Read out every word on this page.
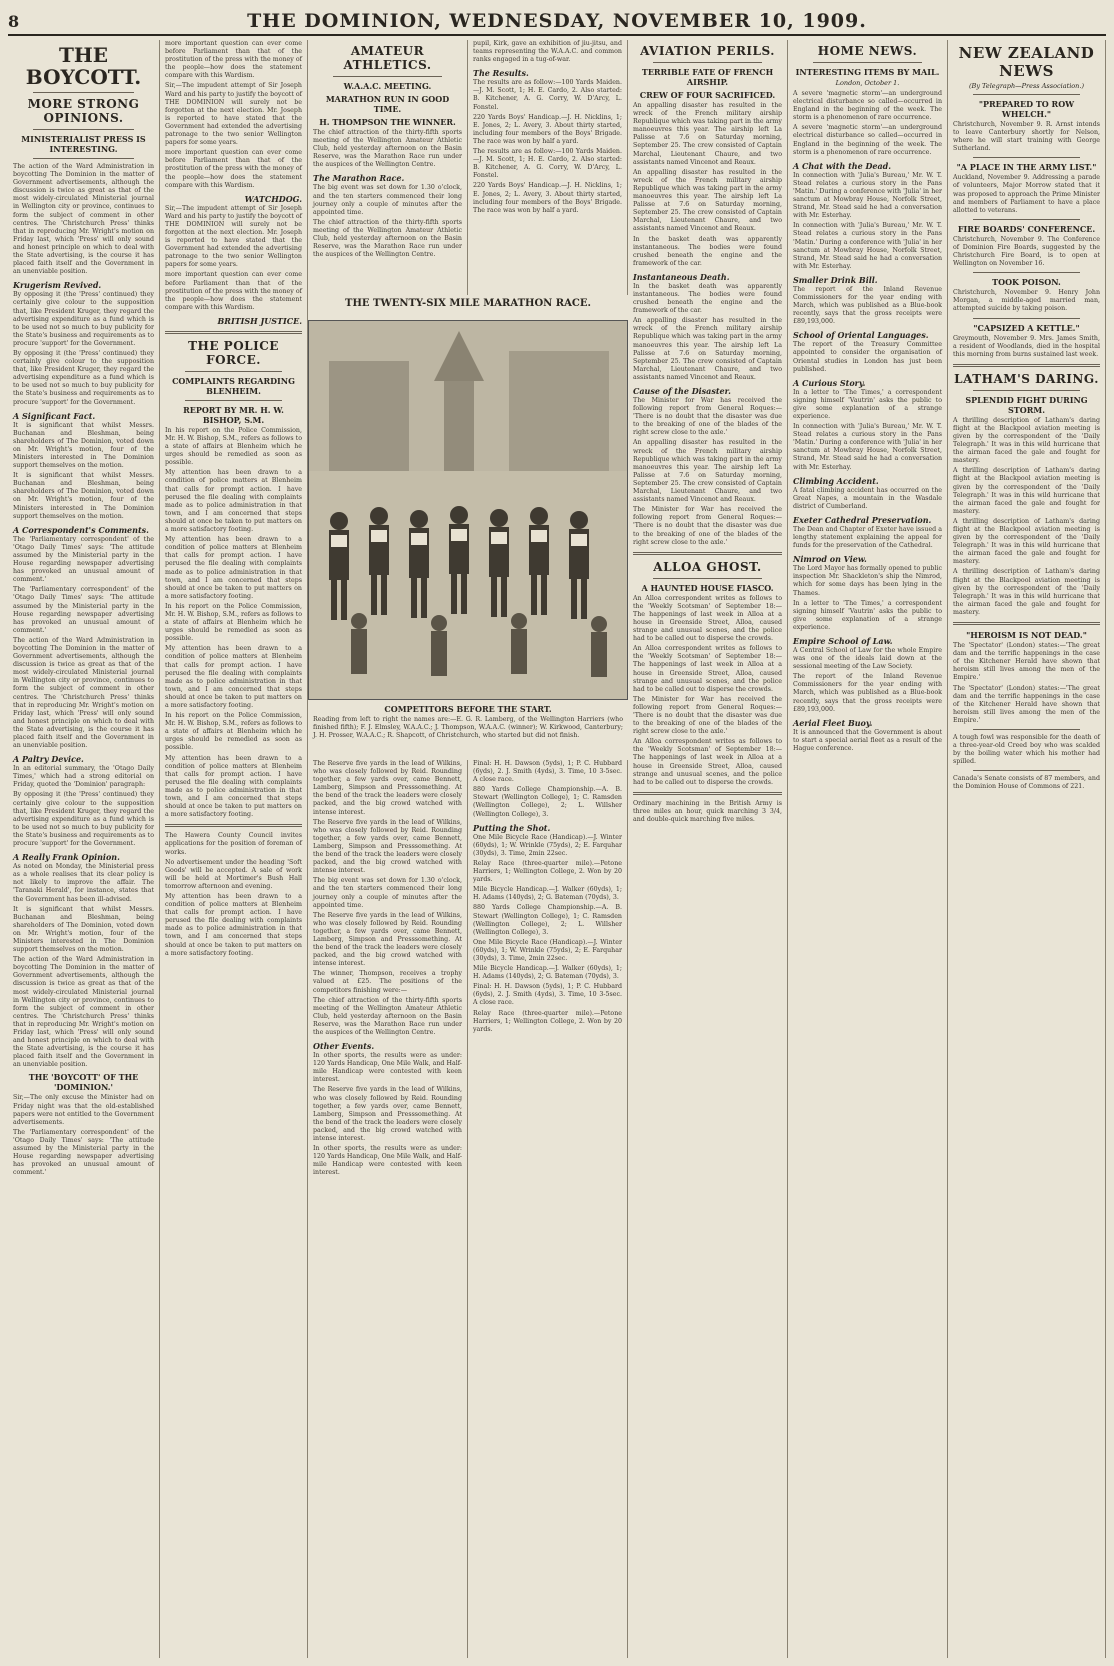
8	THE DOMINION, WEDNESDAY, NOVEMBER 10, 1909.
THE BOYCOTT.
MORE STRONG OPINIONS.
MINISTERIALIST PRESS IS INTERESTING.

The action of the Ward Administration in boycotting The Dominion in the matter of Government advertisements, although the discussion is twice as great as that of the most widely-circulated Ministerial journal in Wellington city or province, continues to form the subject of comment in other centres. The 'Christchurch Press' thinks that in reproducing Mr. Wright's motion on Friday last, which 'Press' will only sound and honest principle on which to deal with the State advertising, is the course it has placed faith itself and the Government in an unenviable position.

Krugerism Revived.

By opposing it (the 'Press' continued) they certainly give colour to the supposition that, like President Kruger, they regard the advertising expenditure as a fund which is to be used not so much to buy publicity for the State's business and requirements as to procure 'support' for the Government.

By opposing it (the 'Press' continued) they certainly give colour to the supposition that, like President Kruger, they regard the advertising expenditure as a fund which is to be used not so much to buy publicity for the State's business and requirements as to procure 'support' for the Government.

A Significant Fact.

It is significant that whilst Messrs. Buchanan and Bleshman, being shareholders of The Dominion, voted down on Mr. Wright's motion, four of the Ministers interested in The Dominion support themselves on the motion.

It is significant that whilst Messrs. Buchanan and Bleshman, being shareholders of The Dominion, voted down on Mr. Wright's motion, four of the Ministers interested in The Dominion support themselves on the motion.

A Correspondent's Comments.

The 'Parliamentary correspondent' of the 'Otago Daily Times' says: 'The attitude assumed by the Ministerial party in the House regarding newspaper advertising has provoked an unusual amount of comment.'

The 'Parliamentary correspondent' of the 'Otago Daily Times' says: 'The attitude assumed by the Ministerial party in the House regarding newspaper advertising has provoked an unusual amount of comment.'

The action of the Ward Administration in boycotting The Dominion in the matter of Government advertisements, although the discussion is twice as great as that of the most widely-circulated Ministerial journal in Wellington city or province, continues to form the subject of comment in other centres. The 'Christchurch Press' thinks that in reproducing Mr. Wright's motion on Friday last, which 'Press' will only sound and honest principle on which to deal with the State advertising, is the course it has placed faith itself and the Government in an unenviable position.

A Paltry Device.

In an editorial summary, the 'Otago Daily Times,' which had a strong editorial on Friday, quoted the 'Dominion' paragraph:

By opposing it (the 'Press' continued) they certainly give colour to the supposition that, like President Kruger, they regard the advertising expenditure as a fund which is to be used not so much to buy publicity for the State's business and requirements as to procure 'support' for the Government.

A Really Frank Opinion.

As noted on Monday, the Ministerial press as a whole realises that its clear policy is not likely to improve the affair. The 'Taranaki Herald', for instance, states that the Government has been ill-advised.

It is significant that whilst Messrs. Buchanan and Bleshman, being shareholders of The Dominion, voted down on Mr. Wright's motion, four of the Ministers interested in The Dominion support themselves on the motion.

The action of the Ward Administration in boycotting The Dominion in the matter of Government advertisements, although the discussion is twice as great as that of the most widely-circulated Ministerial journal in Wellington city or province, continues to form the subject of comment in other centres. The 'Christchurch Press' thinks that in reproducing Mr. Wright's motion on Friday last, which 'Press' will only sound and honest principle on which to deal with the State advertising, is the course it has placed faith itself and the Government in an unenviable position.

THE 'BOYCOTT' OF THE 'DOMINION.'

Sir,—The only excuse the Minister had on Friday night was that the old-established papers were not entitled to the Government advertisements.

The 'Parliamentary correspondent' of the 'Otago Daily Times' says: 'The attitude assumed by the Ministerial party in the House regarding newspaper advertising has provoked an unusual amount of comment.'

more important question can ever come before Parliament than that of the prostitution of the press with the money of the people—how does the statement compare with this Wardism.

Sir,—The impudent attempt of Sir Joseph Ward and his party to justify the boycott of THE DOMINION will surely not be forgotten at the next election. Mr. Joseph is reported to have stated that the Government had extended the advertising patronage to the two senior Wellington papers for some years.

more important question can ever come before Parliament than that of the prostitution of the press with the money of the people—how does the statement compare with this Wardism.

WATCHDOG.

Sir,—The impudent attempt of Sir Joseph Ward and his party to justify the boycott of THE DOMINION will surely not be forgotten at the next election. Mr. Joseph is reported to have stated that the Government had extended the advertising patronage to the two senior Wellington papers for some years.

more important question can ever come before Parliament than that of the prostitution of the press with the money of the people—how does the statement compare with this Wardism.

BRITISH JUSTICE.
THE POLICE FORCE.
COMPLAINTS REGARDING BLENHEIM.
REPORT BY MR. H. W. BISHOP, S.M.

In his report on the Police Commission, Mr. H. W. Bishop, S.M., refers as follows to a state of affairs at Blenheim which he urges should be remedied as soon as possible.

My attention has been drawn to a condition of police matters at Blenheim that calls for prompt action. I have perused the file dealing with complaints made as to police administration in that town, and I am concerned that steps should at once be taken to put matters on a more satisfactory footing.

My attention has been drawn to a condition of police matters at Blenheim that calls for prompt action. I have perused the file dealing with complaints made as to police administration in that town, and I am concerned that steps should at once be taken to put matters on a more satisfactory footing.

In his report on the Police Commission, Mr. H. W. Bishop, S.M., refers as follows to a state of affairs at Blenheim which he urges should be remedied as soon as possible.

My attention has been drawn to a condition of police matters at Blenheim that calls for prompt action. I have perused the file dealing with complaints made as to police administration in that town, and I am concerned that steps should at once be taken to put matters on a more satisfactory footing.

In his report on the Police Commission, Mr. H. W. Bishop, S.M., refers as follows to a state of affairs at Blenheim which he urges should be remedied as soon as possible.

My attention has been drawn to a condition of police matters at Blenheim that calls for prompt action. I have perused the file dealing with complaints made as to police administration in that town, and I am concerned that steps should at once be taken to put matters on a more satisfactory footing.

The Hawera County Council invites applications for the position of foreman of works.

No advertisement under the heading 'Soft Goods' will be accepted. A sale of work will be held at Mortimer's Bush Hall tomorrow afternoon and evening.

My attention has been drawn to a condition of police matters at Blenheim that calls for prompt action. I have perused the file dealing with complaints made as to police administration in that town, and I am concerned that steps should at once be taken to put matters on a more satisfactory footing.

AMATEUR ATHLETICS.
W.A.A.C. MEETING.
MARATHON RUN IN GOOD TIME.
H. THOMPSON THE WINNER.

The chief attraction of the thirty-fifth sports meeting of the Wellington Amateur Athletic Club, held yesterday afternoon on the Basin Reserve, was the Marathon Race run under the auspices of the Wellington Centre.

The Marathon Race.

The big event was set down for 1.30 o'clock, and the ten starters commenced their long journey only a couple of minutes after the appointed time.

The chief attraction of the thirty-fifth sports meeting of the Wellington Amateur Athletic Club, held yesterday afternoon on the Basin Reserve, was the Marathon Race run under the auspices of the Wellington Centre.

pupil, Kirk, gave an exhibition of jiu-jitsu, and teams representing the W.A.A.C. and common ranks engaged in a tug-of-war.

The Results.

The results are as follow:—100 Yards Maiden.—J. M. Scott, 1; H. E. Cardo, 2. Also started: B. Kitchener, A. G. Corry, W. D'Arcy, L. Fonstel.

220 Yards Boys' Handicap.—J. H. Nicklins, 1; E. Jones, 2; L. Avery, 3. About thirty started, including four members of the Boys' Brigade. The race was won by half a yard.

The results are as follow:—100 Yards Maiden.—J. M. Scott, 1; H. E. Cardo, 2. Also started: B. Kitchener, A. G. Corry, W. D'Arcy, L. Fonstel.

220 Yards Boys' Handicap.—J. H. Nicklins, 1; E. Jones, 2; L. Avery, 3. About thirty started, including four members of the Boys' Brigade. The race was won by half a yard.

THE TWENTY-SIX MILE MARATHON RACE.
COMPETITORS BEFORE THE START.
Reading from left to right the names are:—E. G. R. Lamberg, of the Wellington Harriers (who finished fifth); F. J. Elmsley, W.A.A.C.; J. Thompson, W.A.A.C. (winner); W. Kirkwood, Canterbury; J. H. Prosser, W.A.A.C.; R. Shapcott, of Christchurch, who started but did not finish.

The Reserve five yards in the lead of Wilkins, who was closely followed by Reid. Rounding together, a few yards over, came Bennett, Lamberg, Simpson and Presssomething. At the bend of the track the leaders were closely packed, and the big crowd watched with intense interest.

The Reserve five yards in the lead of Wilkins, who was closely followed by Reid. Rounding together, a few yards over, came Bennett, Lamberg, Simpson and Presssomething. At the bend of the track the leaders were closely packed, and the big crowd watched with intense interest.

The big event was set down for 1.30 o'clock, and the ten starters commenced their long journey only a couple of minutes after the appointed time.

The Reserve five yards in the lead of Wilkins, who was closely followed by Reid. Rounding together, a few yards over, came Bennett, Lamberg, Simpson and Presssomething. At the bend of the track the leaders were closely packed, and the big crowd watched with intense interest.

The winner, Thompson, receives a trophy valued at £25. The positions of the competitors finishing were:—

The chief attraction of the thirty-fifth sports meeting of the Wellington Amateur Athletic Club, held yesterday afternoon on the Basin Reserve, was the Marathon Race run under the auspices of the Wellington Centre.

Other Events.

In other sports, the results were as under: 120 Yards Handicap, One Mile Walk, and Half-mile Handicap were contested with keen interest.

The Reserve five yards in the lead of Wilkins, who was closely followed by Reid. Rounding together, a few yards over, came Bennett, Lamberg, Simpson and Presssomething. At the bend of the track the leaders were closely packed, and the big crowd watched with intense interest.

In other sports, the results were as under: 120 Yards Handicap, One Mile Walk, and Half-mile Handicap were contested with keen interest.

Final: H. H. Dawson (5yds), 1; P. C. Hubbard (6yds), 2. J. Smith (4yds), 3. Time, 10 3-5sec. A close race.

880 Yards College Championship.—A. B. Stewart (Wellington College), 1; C. Ramsden (Wellington College), 2; L. Willsher (Wellington College), 3.

Putting the Shot.

One Mile Bicycle Race (Handicap).—J. Winter (60yds), 1; W. Wrinkle (75yds), 2; E. Farquhar (30yds), 3. Time, 2min 22sec.

Relay Race (three-quarter mile).—Petone Harriers, 1; Wellington College, 2. Won by 20 yards.

Mile Bicycle Handicap.—J. Walker (60yds), 1; H. Adams (140yds), 2; G. Bateman (70yds), 3.

880 Yards College Championship.—A. B. Stewart (Wellington College), 1; C. Ramsden (Wellington College), 2; L. Willsher (Wellington College), 3.

One Mile Bicycle Race (Handicap).—J. Winter (60yds), 1; W. Wrinkle (75yds), 2; E. Farquhar (30yds), 3. Time, 2min 22sec.

Mile Bicycle Handicap.—J. Walker (60yds), 1; H. Adams (140yds), 2; G. Bateman (70yds), 3.

Final: H. H. Dawson (5yds), 1; P. C. Hubbard (6yds), 2. J. Smith (4yds), 3. Time, 10 3-5sec. A close race.

Relay Race (three-quarter mile).—Petone Harriers, 1; Wellington College, 2. Won by 20 yards.

AVIATION PERILS.
TERRIBLE FATE OF FRENCH AIRSHIP.
CREW OF FOUR SACRIFICED.

An appalling disaster has resulted in the wreck of the French military airship Republique which was taking part in the army manoeuvres this year. The airship left La Palisse at 7.6 on Saturday morning, September 25. The crew consisted of Captain Marchal, Lieutenant Chaure, and two assistants named Vincenot and Reaux.

An appalling disaster has resulted in the wreck of the French military airship Republique which was taking part in the army manoeuvres this year. The airship left La Palisse at 7.6 on Saturday morning, September 25. The crew consisted of Captain Marchal, Lieutenant Chaure, and two assistants named Vincenot and Reaux.

In the basket death was apparently instantaneous. The bodies were found crushed beneath the engine and the framework of the car.

Instantaneous Death.

In the basket death was apparently instantaneous. The bodies were found crushed beneath the engine and the framework of the car.

An appalling disaster has resulted in the wreck of the French military airship Republique which was taking part in the army manoeuvres this year. The airship left La Palisse at 7.6 on Saturday morning, September 25. The crew consisted of Captain Marchal, Lieutenant Chaure, and two assistants named Vincenot and Reaux.

Cause of the Disaster.

The Minister for War has received the following report from General Roques:— 'There is no doubt that the disaster was due to the breaking of one of the blades of the right screw close to the axle.'

An appalling disaster has resulted in the wreck of the French military airship Republique which was taking part in the army manoeuvres this year. The airship left La Palisse at 7.6 on Saturday morning, September 25. The crew consisted of Captain Marchal, Lieutenant Chaure, and two assistants named Vincenot and Reaux.

The Minister for War has received the following report from General Roques:— 'There is no doubt that the disaster was due to the breaking of one of the blades of the right screw close to the axle.'

ALLOA GHOST.
A HAUNTED HOUSE FIASCO.

An Alloa correspondent writes as follows to the 'Weekly Scotsman' of September 18:— The happenings of last week in Alloa at a house in Greenside Street, Alloa, caused strange and unusual scenes, and the police had to be called out to disperse the crowds.

An Alloa correspondent writes as follows to the 'Weekly Scotsman' of September 18:— The happenings of last week in Alloa at a house in Greenside Street, Alloa, caused strange and unusual scenes, and the police had to be called out to disperse the crowds.

The Minister for War has received the following report from General Roques:— 'There is no doubt that the disaster was due to the breaking of one of the blades of the right screw close to the axle.'

An Alloa correspondent writes as follows to the 'Weekly Scotsman' of September 18:— The happenings of last week in Alloa at a house in Greenside Street, Alloa, caused strange and unusual scenes, and the police had to be called out to disperse the crowds.

Ordinary machining in the British Army is three miles an hour, quick marching 3 3/4, and double-quick marching five miles.

HOME NEWS.
INTERESTING ITEMS BY MAIL.
London, October 1.

A severe 'magnetic storm'—an underground electrical disturbance so called—occurred in England in the beginning of the week. The storm is a phenomenon of rare occurrence.

A severe 'magnetic storm'—an underground electrical disturbance so called—occurred in England in the beginning of the week. The storm is a phenomenon of rare occurrence.

A Chat with the Dead.

In connection with 'Julia's Bureau,' Mr. W. T. Stead relates a curious story in the Pans 'Matin.' During a conference with 'Julia' in her sanctum at Mowbray House, Norfolk Street, Strand, Mr. Stead said he had a conversation with Mr. Esterhay.

In connection with 'Julia's Bureau,' Mr. W. T. Stead relates a curious story in the Pans 'Matin.' During a conference with 'Julia' in her sanctum at Mowbray House, Norfolk Street, Strand, Mr. Stead said he had a conversation with Mr. Esterhay.

Smaller Drink Bill.

The report of the Inland Revenue Commissioners for the year ending with March, which was published as a Blue-book recently, says that the gross receipts were £89,193,000.

School of Oriental Languages.

The report of the Treasury Committee appointed to consider the organisation of Oriental studies in London has just been published.

A Curious Story.

In a letter to 'The Times,' a correspondent signing himself 'Vautrin' asks the public to give some explanation of a strange experience.

In connection with 'Julia's Bureau,' Mr. W. T. Stead relates a curious story in the Pans 'Matin.' During a conference with 'Julia' in her sanctum at Mowbray House, Norfolk Street, Strand, Mr. Stead said he had a conversation with Mr. Esterhay.

Climbing Accident.

A fatal climbing accident has occurred on the Great Napes, a mountain in the Wasdale district of Cumberland.

Exeter Cathedral Preservation.

The Dean and Chapter of Exeter have issued a lengthy statement explaining the appeal for funds for the preservation of the Cathedral.

Nimrod on View.

The Lord Mayor has formally opened to public inspection Mr. Shackleton's ship the Nimrod, which for some days has been lying in the Thames.

In a letter to 'The Times,' a correspondent signing himself 'Vautrin' asks the public to give some explanation of a strange experience.

Empire School of Law.

A Central School of Law for the whole Empire was one of the ideals laid down at the sessional meeting of the Law Society.

The report of the Inland Revenue Commissioners for the year ending with March, which was published as a Blue-book recently, says that the gross receipts were £89,193,000.

Aerial Fleet Buoy.

It is announced that the Government is about to start a special aerial fleet as a result of the Hague conference.

NEW ZEALAND NEWS
(By Telegraph—Press Association.)
"PREPARED TO ROW WHELCH."

Christchurch, November 9. R. Arnst intends to leave Canterbury shortly for Nelson, where he will start training with George Sutherland.

"A PLACE IN THE ARMY LIST."

Auckland, November 9. Addressing a parade of volunteers, Major Morrow stated that it was proposed to approach the Prime Minister and members of Parliament to have a place allotted to veterans.

FIRE BOARDS' CONFERENCE.

Christchurch, November 9. The Conference of Dominion Fire Boards, suggested by the Christchurch Fire Board, is to open at Wellington on November 16.

TOOK POISON.

Christchurch, November 9. Henry John Morgan, a middle-aged married man, attempted suicide by taking poison.

"CAPSIZED A KETTLE."

Greymouth, November 9. Mrs. James Smith, a resident of Woodlands, died in the hospital this morning from burns sustained last week.

LATHAM'S DARING.
SPLENDID FIGHT DURING STORM.

A thrilling description of Latham's daring flight at the Blackpool aviation meeting is given by the correspondent of the 'Daily Telegraph.' It was in this wild hurricane that the airman faced the gale and fought for mastery.

A thrilling description of Latham's daring flight at the Blackpool aviation meeting is given by the correspondent of the 'Daily Telegraph.' It was in this wild hurricane that the airman faced the gale and fought for mastery.

A thrilling description of Latham's daring flight at the Blackpool aviation meeting is given by the correspondent of the 'Daily Telegraph.' It was in this wild hurricane that the airman faced the gale and fought for mastery.

A thrilling description of Latham's daring flight at the Blackpool aviation meeting is given by the correspondent of the 'Daily Telegraph.' It was in this wild hurricane that the airman faced the gale and fought for mastery.

"HEROISM IS NOT DEAD."

The 'Spectator' (London) states:—'The great dam and the terrific happenings in the case of the Kitchener Herald have shown that heroism still lives among the men of the Empire.'

The 'Spectator' (London) states:—'The great dam and the terrific happenings in the case of the Kitchener Herald have shown that heroism still lives among the men of the Empire.'

A tough fowl was responsible for the death of a three-year-old Creed boy who was scalded by the boiling water which his mother had spilled.

Canada's Senate consists of 87 members, and the Dominion House of Commons of 221.
